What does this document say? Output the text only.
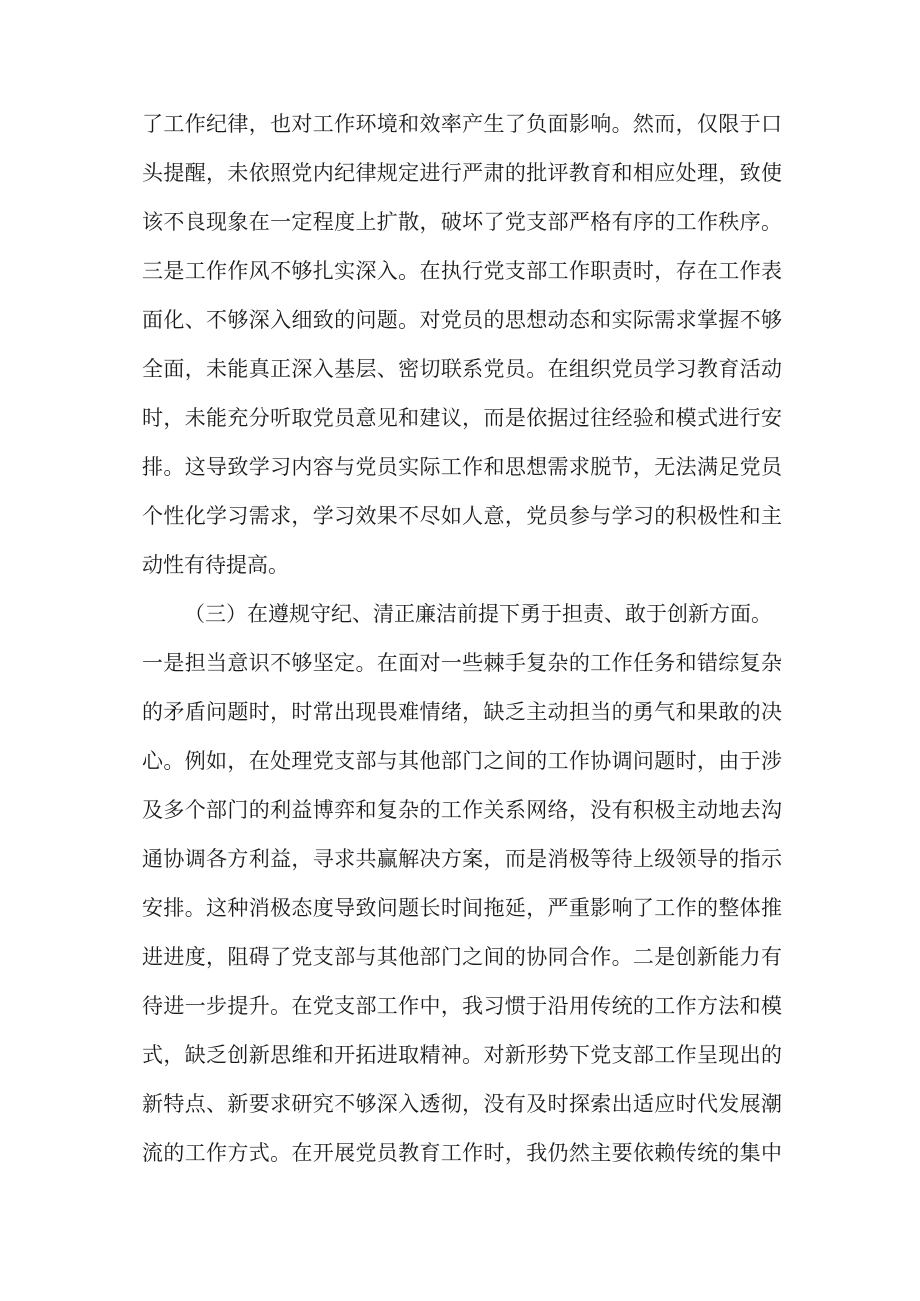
了工作纪律，也对工作环境和效率产生了负面影响。然而，仅限于口
头提醒，未依照党内纪律规定进行严肃的批评教育和相应处理，致使
该不良现象在一定程度上扩散，破坏了党支部严格有序的工作秩序。
三是工作作风不够扎实深入。在执行党支部工作职责时，存在工作表
面化、不够深入细致的问题。对党员的思想动态和实际需求掌握不够
全面，未能真正深入基层、密切联系党员。在组织党员学习教育活动
时，未能充分听取党员意见和建议，而是依据过往经验和模式进行安
排。这导致学习内容与党员实际工作和思想需求脱节，无法满足党员
个性化学习需求，学习效果不尽如人意，党员参与学习的积极性和主
动性有待提高。
（三）在遵规守纪、清正廉洁前提下勇于担责、敢于创新方面。
一是担当意识不够坚定。在面对一些棘手复杂的工作任务和错综复杂
的矛盾问题时，时常出现畏难情绪，缺乏主动担当的勇气和果敢的决
心。例如，在处理党支部与其他部门之间的工作协调问题时，由于涉
及多个部门的利益博弈和复杂的工作关系网络，没有积极主动地去沟
通协调各方利益，寻求共赢解决方案，而是消极等待上级领导的指示
安排。这种消极态度导致问题长时间拖延，严重影响了工作的整体推
进进度，阻碍了党支部与其他部门之间的协同合作。二是创新能力有
待进一步提升。在党支部工作中，我习惯于沿用传统的工作方法和模
式，缺乏创新思维和开拓进取精神。对新形势下党支部工作呈现出的
新特点、新要求研究不够深入透彻，没有及时探索出适应时代发展潮
流的工作方式。在开展党员教育工作时，我仍然主要依赖传统的集中
